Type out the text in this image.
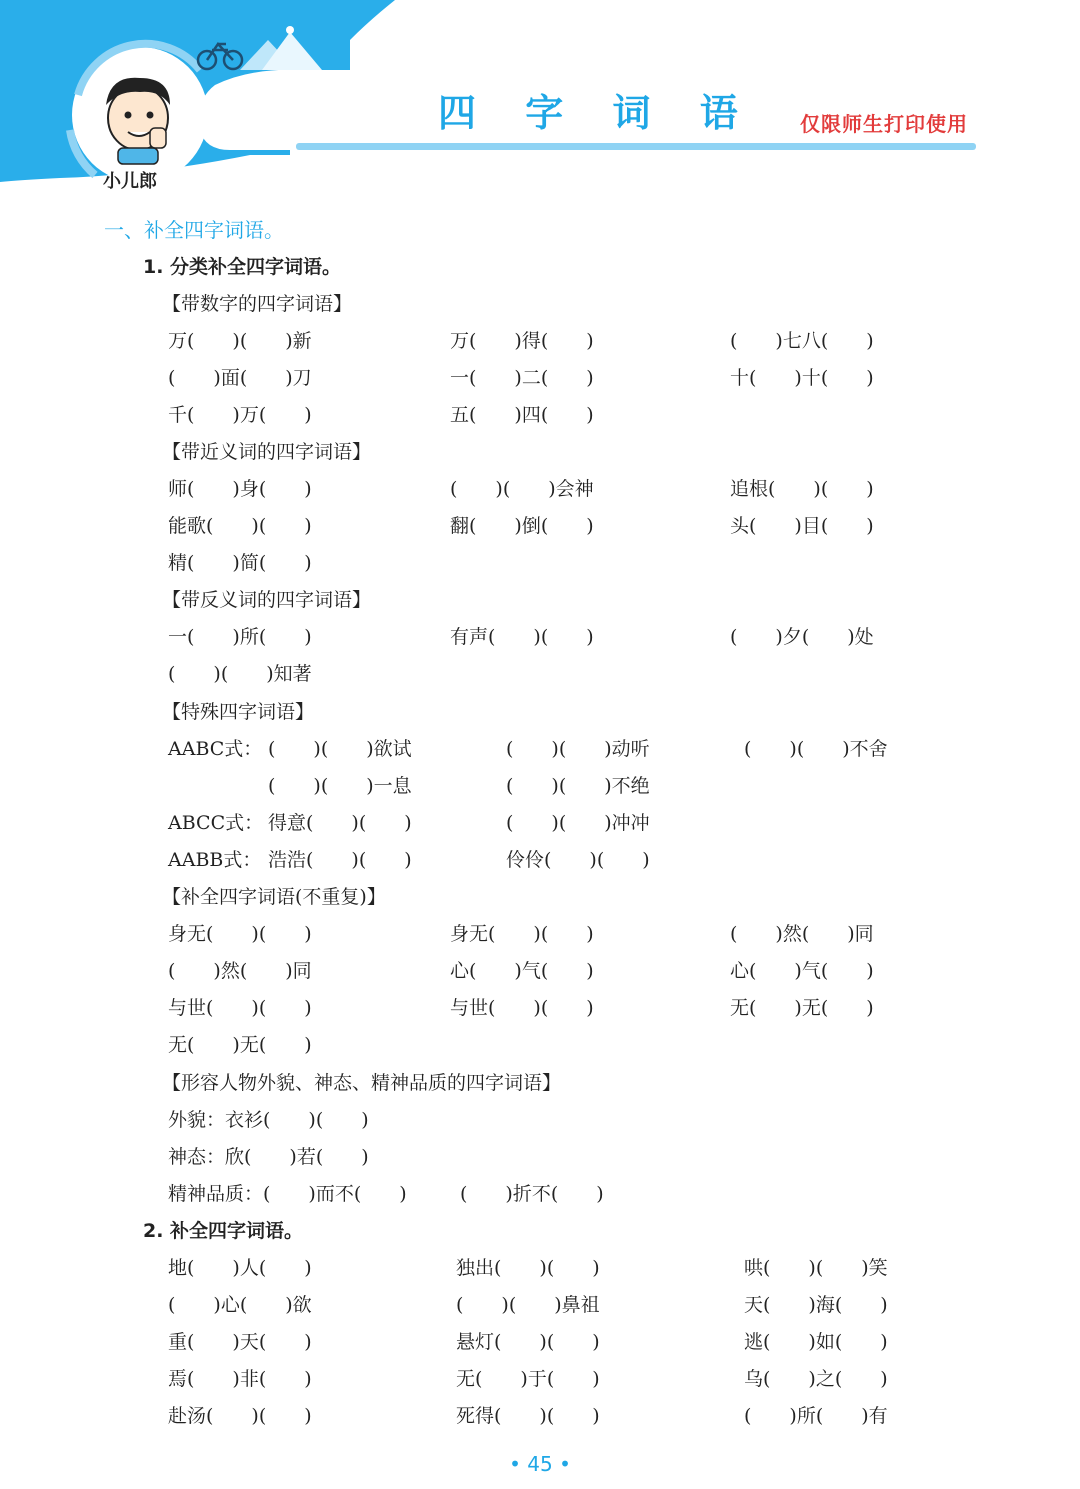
四 字 词 语 仅限师生打印使用
小儿郎
一、补全四字词语。
1. 分类补全四字词语。
【带数字的四字词语】
万(　　)(　　)新	万(　　)得(　　)	(　　)七八(　　)
(　　)面(　　)刀	一(　　)二(　　)	十(　　)十(　　)
千(　　)万(　　)	五(　　)四(　　)
【带近义词的四字词语】
师(　　)身(　　)	(　　)(　　)会神	追根(　　)(　　)
能歌(　　)(　　)	翻(　　)倒(　　)	头(　　)目(　　)
精(　　)简(　　)
【带反义词的四字词语】
一(　　)所(　　)	有声(　　)(　　)	(　　)夕(　　)处
(　　)(　　)知著
【特殊四字词语】
AABC式： (　　)(　　)欲试	(　　)(　　)动听	(　　)(　　)不舍
(　　)(　　)一息	(　　)(　　)不绝
ABCC式： 得意(　　)(　　)	(　　)(　　)冲冲
AABB式： 浩浩(　　)(　　)	伶伶(　　)(　　)
【补全四字词语(不重复)】
身无(　　)(　　)	身无(　　)(　　)	(　　)然(　　)同
(　　)然(　　)同	心(　　)气(　　)	心(　　)气(　　)
与世(　　)(　　)	与世(　　)(　　)	无(　　)无(　　)
无(　　)无(　　)
【形容人物外貌、神态、精神品质的四字词语】
外貌：衣衫(　　)(　　)
神态：欣(　　)若(　　)
精神品质：(　　)而不(　　)	(　　)折不(　　)
2. 补全四字词语。
地(　　)人(　　)	独出(　　)(　　)	哄(　　)(　　)笑
(　　)心(　　)欲	(　　)(　　)鼻祖	天(　　)海(　　)
重(　　)天(　　)	悬灯(　　)(　　)	逃(　　)如(　　)
焉(　　)非(　　)	无(　　)于(　　)	乌(　　)之(　　)
赴汤(　　)(　　)	死得(　　)(　　)	(　　)所(　　)有
• 45 •
